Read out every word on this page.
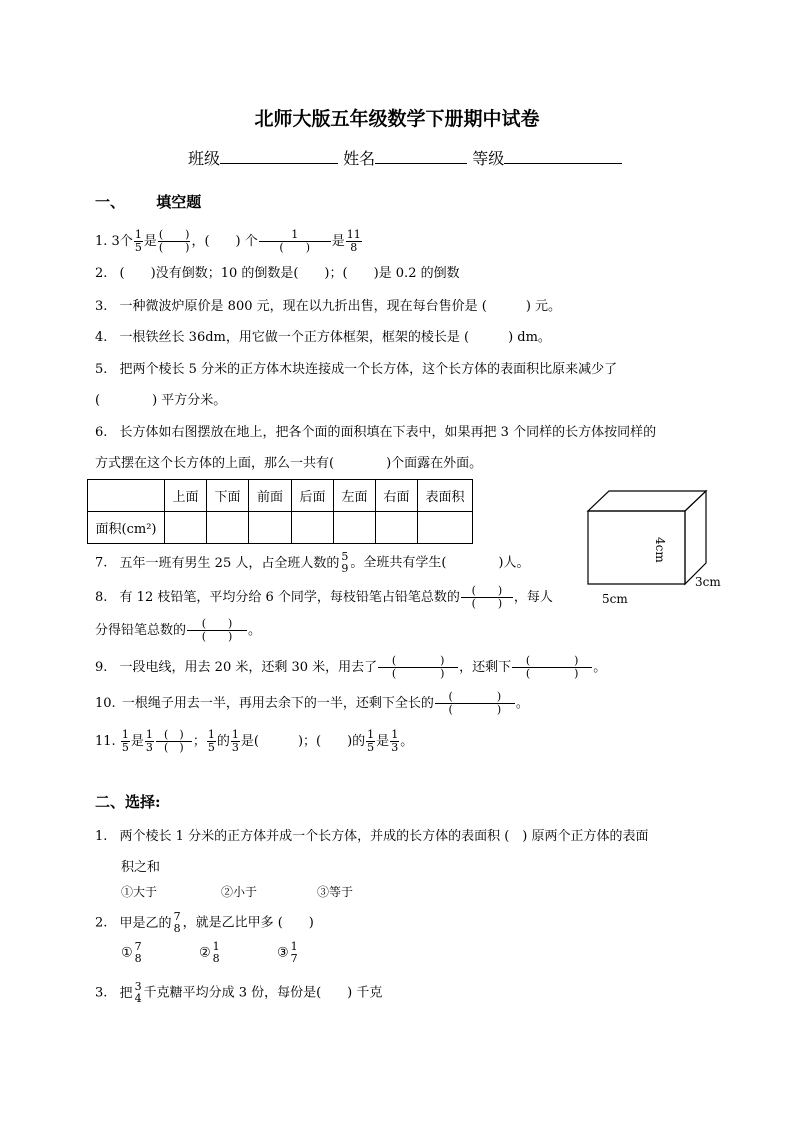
北师大版五年级数学下册期中试卷
班级	姓名	等级
一、 填空题
1. 3个 $\frac{1}{5}$ 是 $\frac{( )}{( )}$ ，(　　) 个 $\frac{1}{( )}$ 是 $\frac{11}{8}$
2. (　　)没有倒数；10 的倒数是(　　)；(　　)是 0.2 的倒数
3. 一种微波炉原价是 800 元，现在以九折出售，现在每台售价是 (　　　) 元。
4. 一根铁丝长 36dm，用它做一个正方体框架，框架的棱长是 (　　　) dm。
5. 把两个棱长 5 分米的正方体木块连接成一个长方体，这个长方体的表面积比原来减少了
(　　　　) 平方分米。
6. 长方体如右图摆放在地上，把各个面的面积填在下表中，如果再把 3 个同样的长方体按同样的
方式摆在这个长方体的上面，那么一共有(　　　　)个面露在外面。
	上面	下面	前面	后面	左面	右面	表面积
面积(cm²)							
4cm
5cm
3cm
7. 五年一班有男生 25 人，占全班人数的 5
9 。全班共有学生(　　　　)人。
8. 有 12 枝铅笔，平均分给 6 个同学，每枝铅笔占铅笔总数的 $\frac{( )}{( )}$ ，每人
分得铅笔总数的 $\frac{( )}{( )}$ 。
9. 一段电线，用去 20 米，还剩 30 米，用去了 $\frac{( )}{( )}$ ，还剩下 $\frac{( )}{( )}$ 。
10. 一根绳子用去一半，再用去余下的一半，还剩下全长的 $\frac{( )}{( )}$ 。
11. $\frac{1}{5}$ 是 $\frac{1}{3} \frac{( )}{( )}$ ； $\frac{1}{5}$ 的 $\frac{1}{3}$ 是(　　　)；(　　)的 $\frac{1}{5}$ 是 $\frac{1}{3}$ 。
二、选择:
1. 两个棱长 1 分米的正方体并成一个长方体，并成的长方体的表面积 (　) 原两个正方体的表面
积之和
①大于	②小于	③等于
2. 甲是乙的 7
8 ，就是乙比甲多 (　　)
① 7
8	② 1
8	③ 1
7
3. 把 3
4 千克糖平均分成 3 份，每份是(　　) 千克
